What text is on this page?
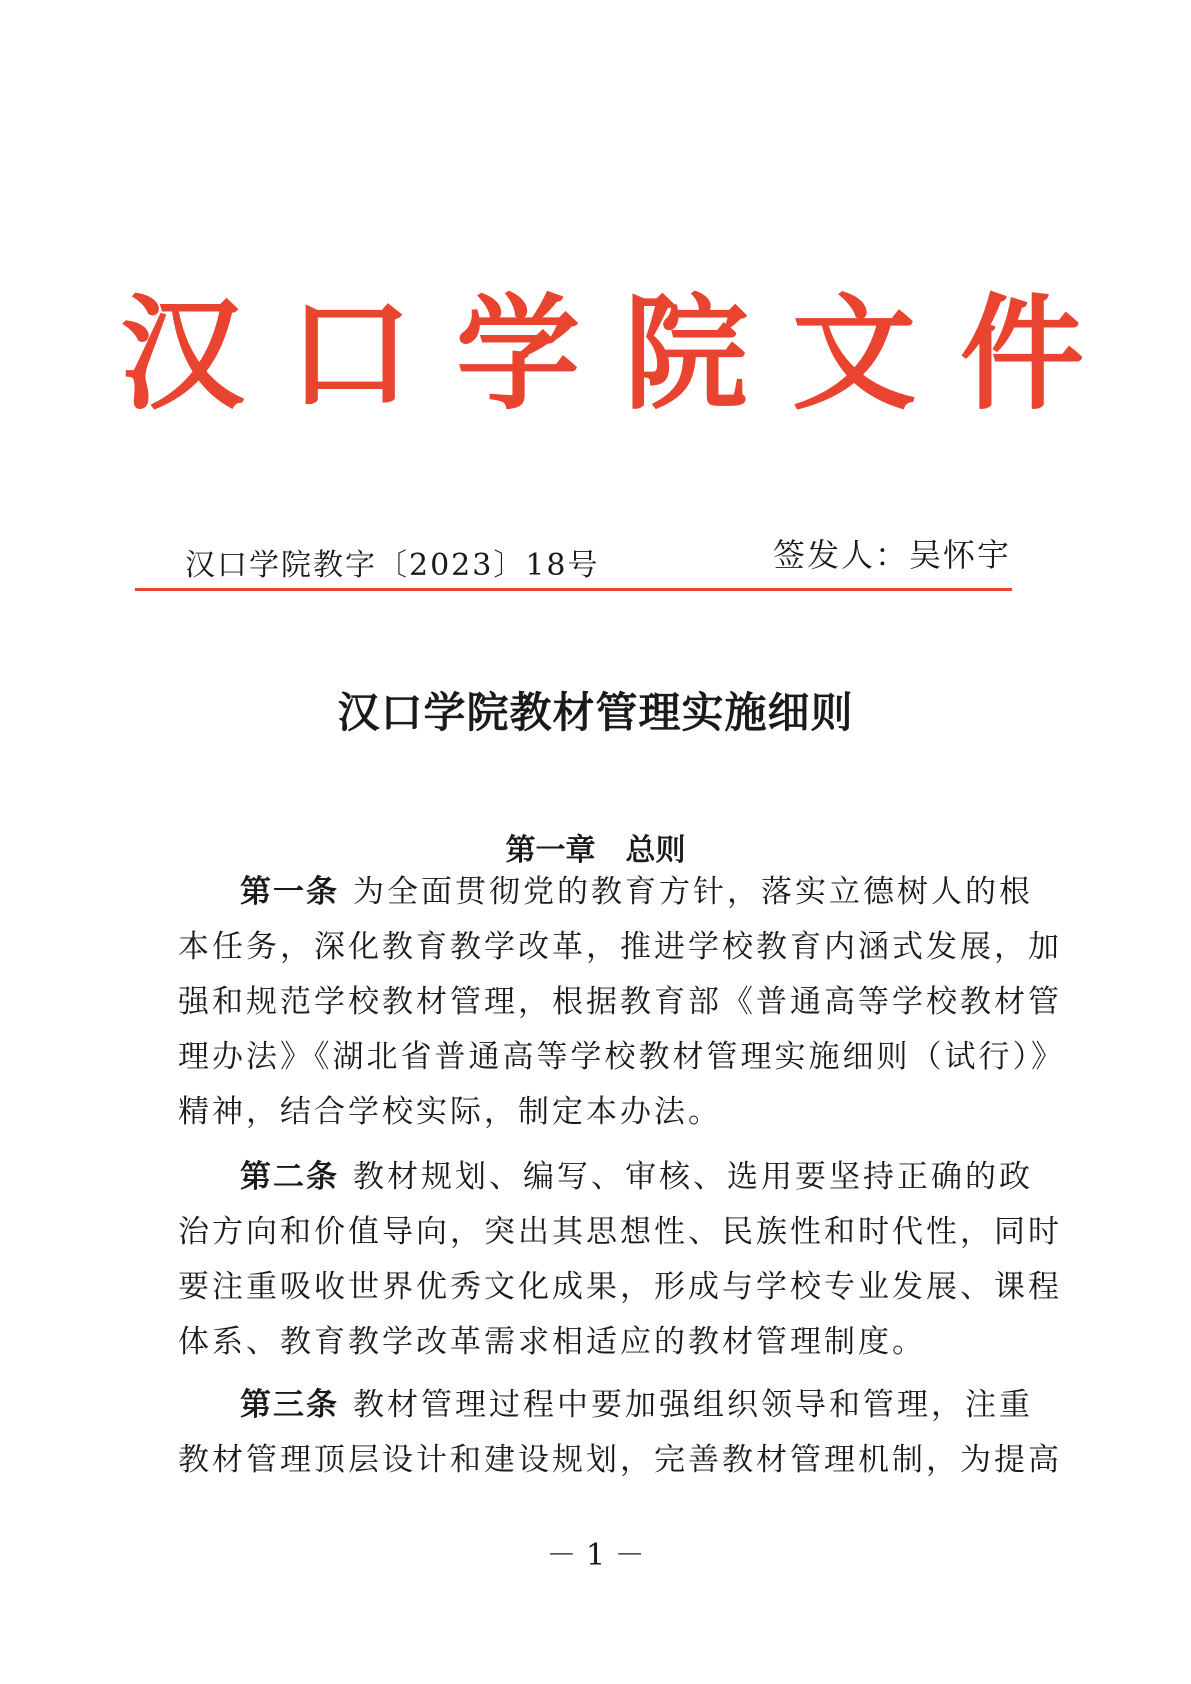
汉口学院文件
汉口学院教字〔2023〕18号	签发人：吴怀宇
汉口学院教材管理实施细则
第一章　总则
第一条 为全面贯彻党的教育方针，落实立德树人的根
本任务，深化教育教学改革，推进学校教育内涵式发展，加
强和规范学校教材管理，根据教育部《普通高等学校教材管
理办法》《湖北省普通高等学校教材管理实施细则（试行）》
精神，结合学校实际，制定本办法。
第二条 教材规划、编写、审核、选用要坚持正确的政
治方向和价值导向，突出其思想性、民族性和时代性，同时
要注重吸收世界优秀文化成果，形成与学校专业发展、课程
体系、教育教学改革需求相适应的教材管理制度。
第三条 教材管理过程中要加强组织领导和管理，注重
教材管理顶层设计和建设规划，完善教材管理机制，为提高
－ 1 －
